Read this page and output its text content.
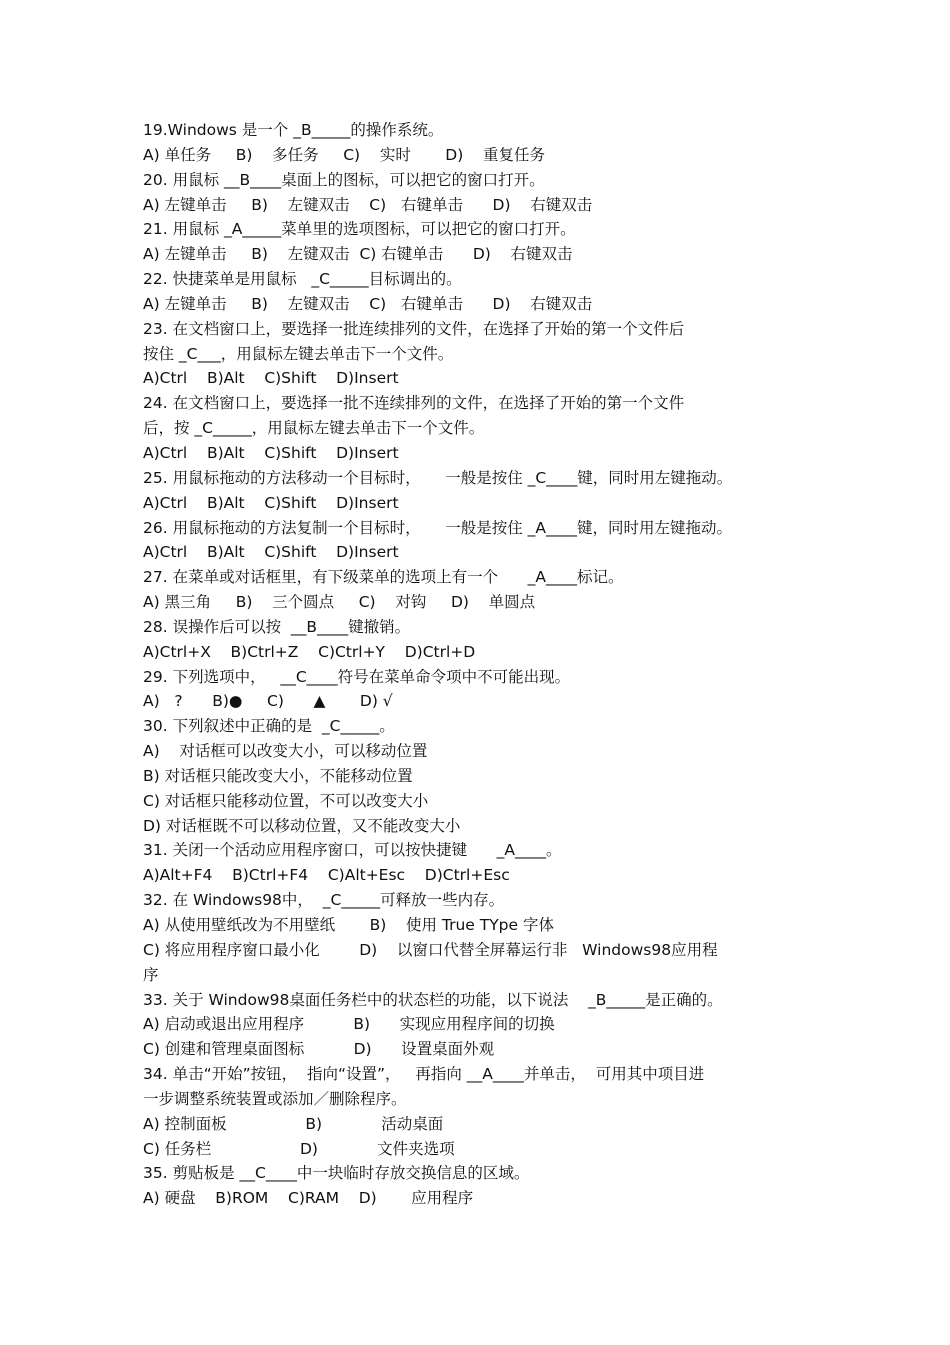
19.Windows 是一个 _B_____的操作系统。
A) 单任务     B)    多任务     C)    实时       D)    重复任务
20. 用鼠标 __B____桌面上的图标，可以把它的窗口打开。
A) 左键单击     B)    左键双击    C)   右键单击      D)    右键双击
21. 用鼠标 _A_____菜单里的选项图标，可以把它的窗口打开。
A) 左键单击     B)    左键双击  C) 右键单击      D)    右键双击
22. 快捷菜单是用鼠标   _C_____目标调出的。
A) 左键单击     B)    左键双击    C)   右键单击      D)    右键双击
23. 在文档窗口上，要选择一批连续排列的文件，在选择了开始的第一个文件后
按住 _C___，用鼠标左键去单击下一个文件。
A)Ctrl    B)Alt    C)Shift    D)Insert
24. 在文档窗口上，要选择一批不连续排列的文件，在选择了开始的第一个文件
后，按 _C_____，用鼠标左键去单击下一个文件。
A)Ctrl    B)Alt    C)Shift    D)Insert
25. 用鼠标拖动的方法移动一个目标时，     一般是按住 _C____键，同时用左键拖动。
A)Ctrl    B)Alt    C)Shift    D)Insert
26. 用鼠标拖动的方法复制一个目标时，     一般是按住 _A____键，同时用左键拖动。
A)Ctrl    B)Alt    C)Shift    D)Insert
27. 在菜单或对话框里，有下级菜单的选项上有一个      _A____标记。
A) 黑三角     B)    三个圆点     C)    对钩     D)    单圆点
28. 误操作后可以按  __B____键撤销。
A)Ctrl+X    B)Ctrl+Z    C)Ctrl+Y    D)Ctrl+D
29. 下列选项中，   __C____符号在菜单命令项中不可能出现。
A)   ?      B)●     C)      ▲       D) √
30. 下列叙述中正确的是  _C_____。
A)    对话框可以改变大小，可以移动位置
B) 对话框只能改变大小，不能移动位置
C) 对话框只能移动位置，不可以改变大小
D) 对话框既不可以移动位置，又不能改变大小
31. 关闭一个活动应用程序窗口，可以按快捷键      _A____。
A)Alt+F4    B)Ctrl+F4    C)Alt+Esc    D)Ctrl+Esc
32. 在 Windows98中，  _C_____可释放一些内存。
A) 从使用壁纸改为不用壁纸       B)    使用 True TYpe 字体
C) 将应用程序窗口最小化        D)    以窗口代替全屏幕运行非   Windows98应用程
序
33. 关于 Window98桌面任务栏中的状态栏的功能，以下说法    _B_____是正确的。
A) 启动或退出应用程序          B)      实现应用程序间的切换
C) 创建和管理桌面图标          D)      设置桌面外观
34. 单击“开始”按钮，  指向“设置”，   再指向 __A____并单击，  可用其中项目进
一步调整系统装置或添加／删除程序。
A) 控制面板                B)            活动桌面
C) 任务栏                  D)            文件夹选项
35. 剪贴板是 __C____中一块临时存放交换信息的区域。
A) 硬盘    B)ROM    C)RAM    D)       应用程序
